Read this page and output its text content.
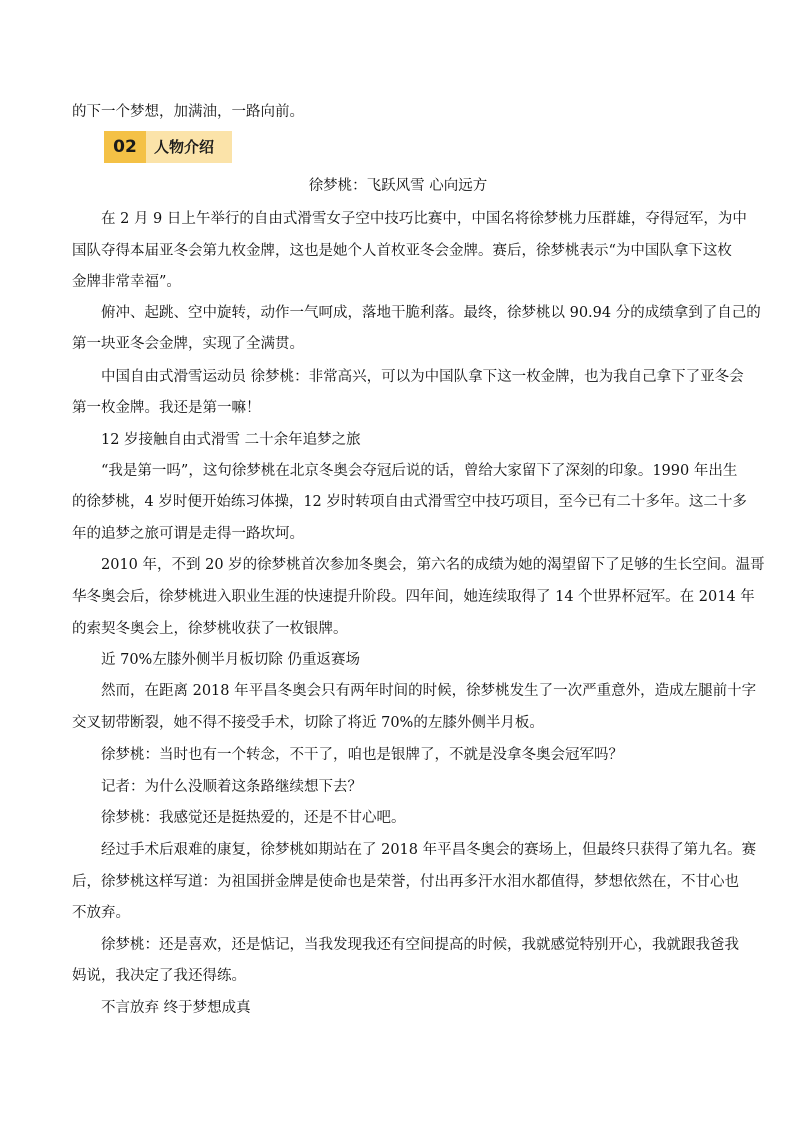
的下一个梦想，加满油，一路向前。
02	人物介绍
徐梦桃：飞跃风雪 心向远方
在 2 月 9 日上午举行的自由式滑雪女子空中技巧比赛中，中国名将徐梦桃力压群雄，夺得冠军，为中
国队夺得本届亚冬会第九枚金牌，这也是她个人首枚亚冬会金牌。赛后，徐梦桃表示“为中国队拿下这枚
金牌非常幸福”。
俯冲、起跳、空中旋转，动作一气呵成，落地干脆利落。最终，徐梦桃以 90.94 分的成绩拿到了自己的
第一块亚冬会金牌，实现了全满贯。
中国自由式滑雪运动员 徐梦桃：非常高兴，可以为中国队拿下这一枚金牌，也为我自己拿下了亚冬会
第一枚金牌。我还是第一嘛！
12 岁接触自由式滑雪 二十余年追梦之旅
“我是第一吗”，这句徐梦桃在北京冬奥会夺冠后说的话，曾给大家留下了深刻的印象。1990 年出生
的徐梦桃，4 岁时便开始练习体操，12 岁时转项自由式滑雪空中技巧项目，至今已有二十多年。这二十多
年的追梦之旅可谓是走得一路坎坷。
2010 年，不到 20 岁的徐梦桃首次参加冬奥会，第六名的成绩为她的渴望留下了足够的生长空间。温哥
华冬奥会后，徐梦桃进入职业生涯的快速提升阶段。四年间，她连续取得了 14 个世界杯冠军。在 2014 年
的索契冬奥会上，徐梦桃收获了一枚银牌。
近 70%左膝外侧半月板切除 仍重返赛场
然而，在距离 2018 年平昌冬奥会只有两年时间的时候，徐梦桃发生了一次严重意外，造成左腿前十字
交叉韧带断裂，她不得不接受手术，切除了将近 70%的左膝外侧半月板。
徐梦桃：当时也有一个转念，不干了，咱也是银牌了，不就是没拿冬奥会冠军吗？
记者：为什么没顺着这条路继续想下去？
徐梦桃：我感觉还是挺热爱的，还是不甘心吧。
经过手术后艰难的康复，徐梦桃如期站在了 2018 年平昌冬奥会的赛场上，但最终只获得了第九名。赛
后，徐梦桃这样写道：为祖国拼金牌是使命也是荣誉，付出再多汗水泪水都值得，梦想依然在，不甘心也
不放弃。
徐梦桃：还是喜欢，还是惦记，当我发现我还有空间提高的时候，我就感觉特别开心，我就跟我爸我
妈说，我决定了我还得练。
不言放弃 终于梦想成真
